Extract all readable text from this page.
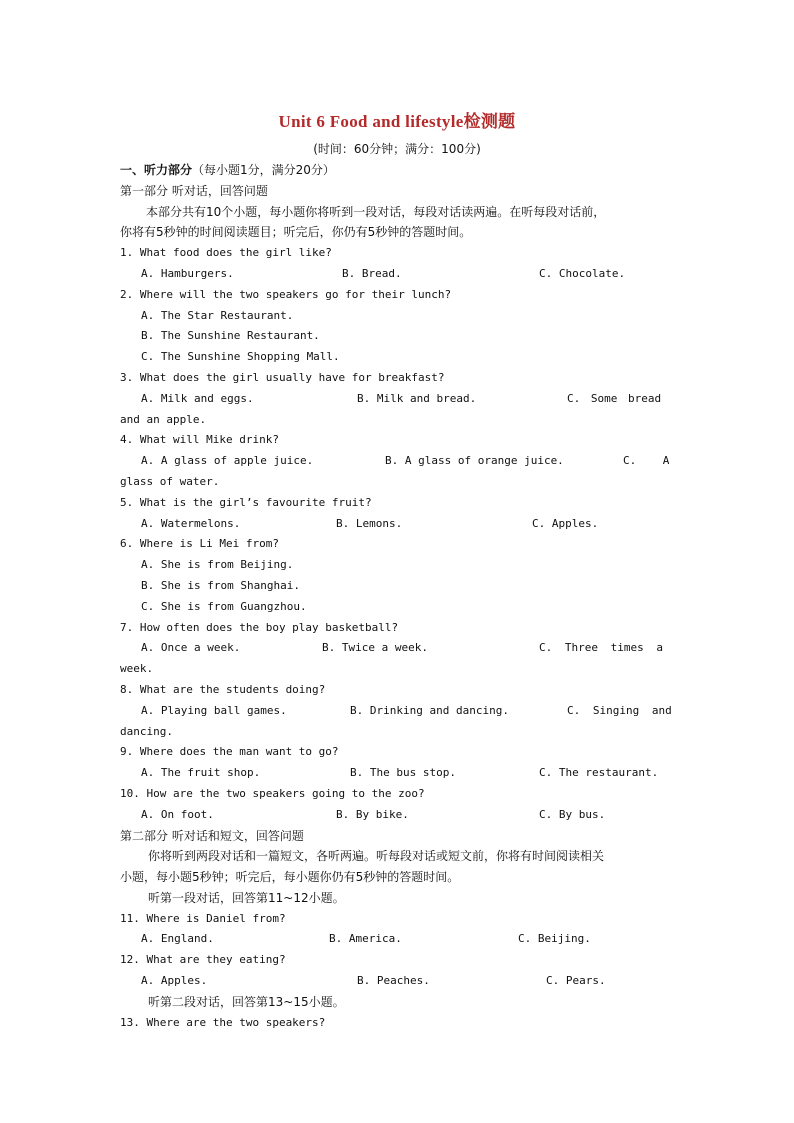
Unit 6 Food and lifestyle检测题
(时间：60分钟；满分：100分)
一、听力部分（每小题1分，满分20分）
第一部分 听对话，回答问题
本部分共有10个小题，每小题你将听到一段对话，每段对话读两遍。在听每段对话前，
你将有5秒钟的时间阅读题目；听完后，你仍有5秒钟的答题时间。
1. What food does the girl like?
A. Hamburgers.	B. Bread.	C. Chocolate.
2. Where will the two speakers go for their lunch?
A. The Star Restaurant.
B. The Sunshine Restaurant.
C. The Sunshine Shopping Mall.
3. What does the girl usually have for breakfast?
A. Milk and eggs.	B. Milk and bread.	C. Some bread
and an apple.
4. What will Mike drink?
A. A glass of apple juice.	B. A glass of orange juice.	C.    A
glass of water.
5. What is the girl’s favourite fruit?
A. Watermelons.	B. Lemons.	C. Apples.
6. Where is Li Mei from?
A. She is from Beijing.
B. She is from Shanghai.
C. She is from Guangzhou.
7. How often does the boy play basketball?
A. Once a week.	B. Twice a week.	C. Three times a
week.
8. What are the students doing?
A. Playing ball games.	B. Drinking and dancing.	C. Singing and
dancing.
9. Where does the man want to go?
A. The fruit shop.	B. The bus stop.	C. The restaurant.
10. How are the two speakers going to the zoo?
A. On foot.	B. By bike.	C. By bus.
第二部分 听对话和短文，回答问题
你将听到两段对话和一篇短文，各听两遍。听每段对话或短文前，你将有时间阅读相关
小题，每小题5秒钟；听完后，每小题你仍有5秒钟的答题时间。
听第一段对话，回答第11~12小题。
11. Where is Daniel from?
A. England.	B. America.	C. Beijing.
12. What are they eating?
A. Apples.	B. Peaches.	C. Pears.
听第二段对话，回答第13~15小题。
13. Where are the two speakers?
